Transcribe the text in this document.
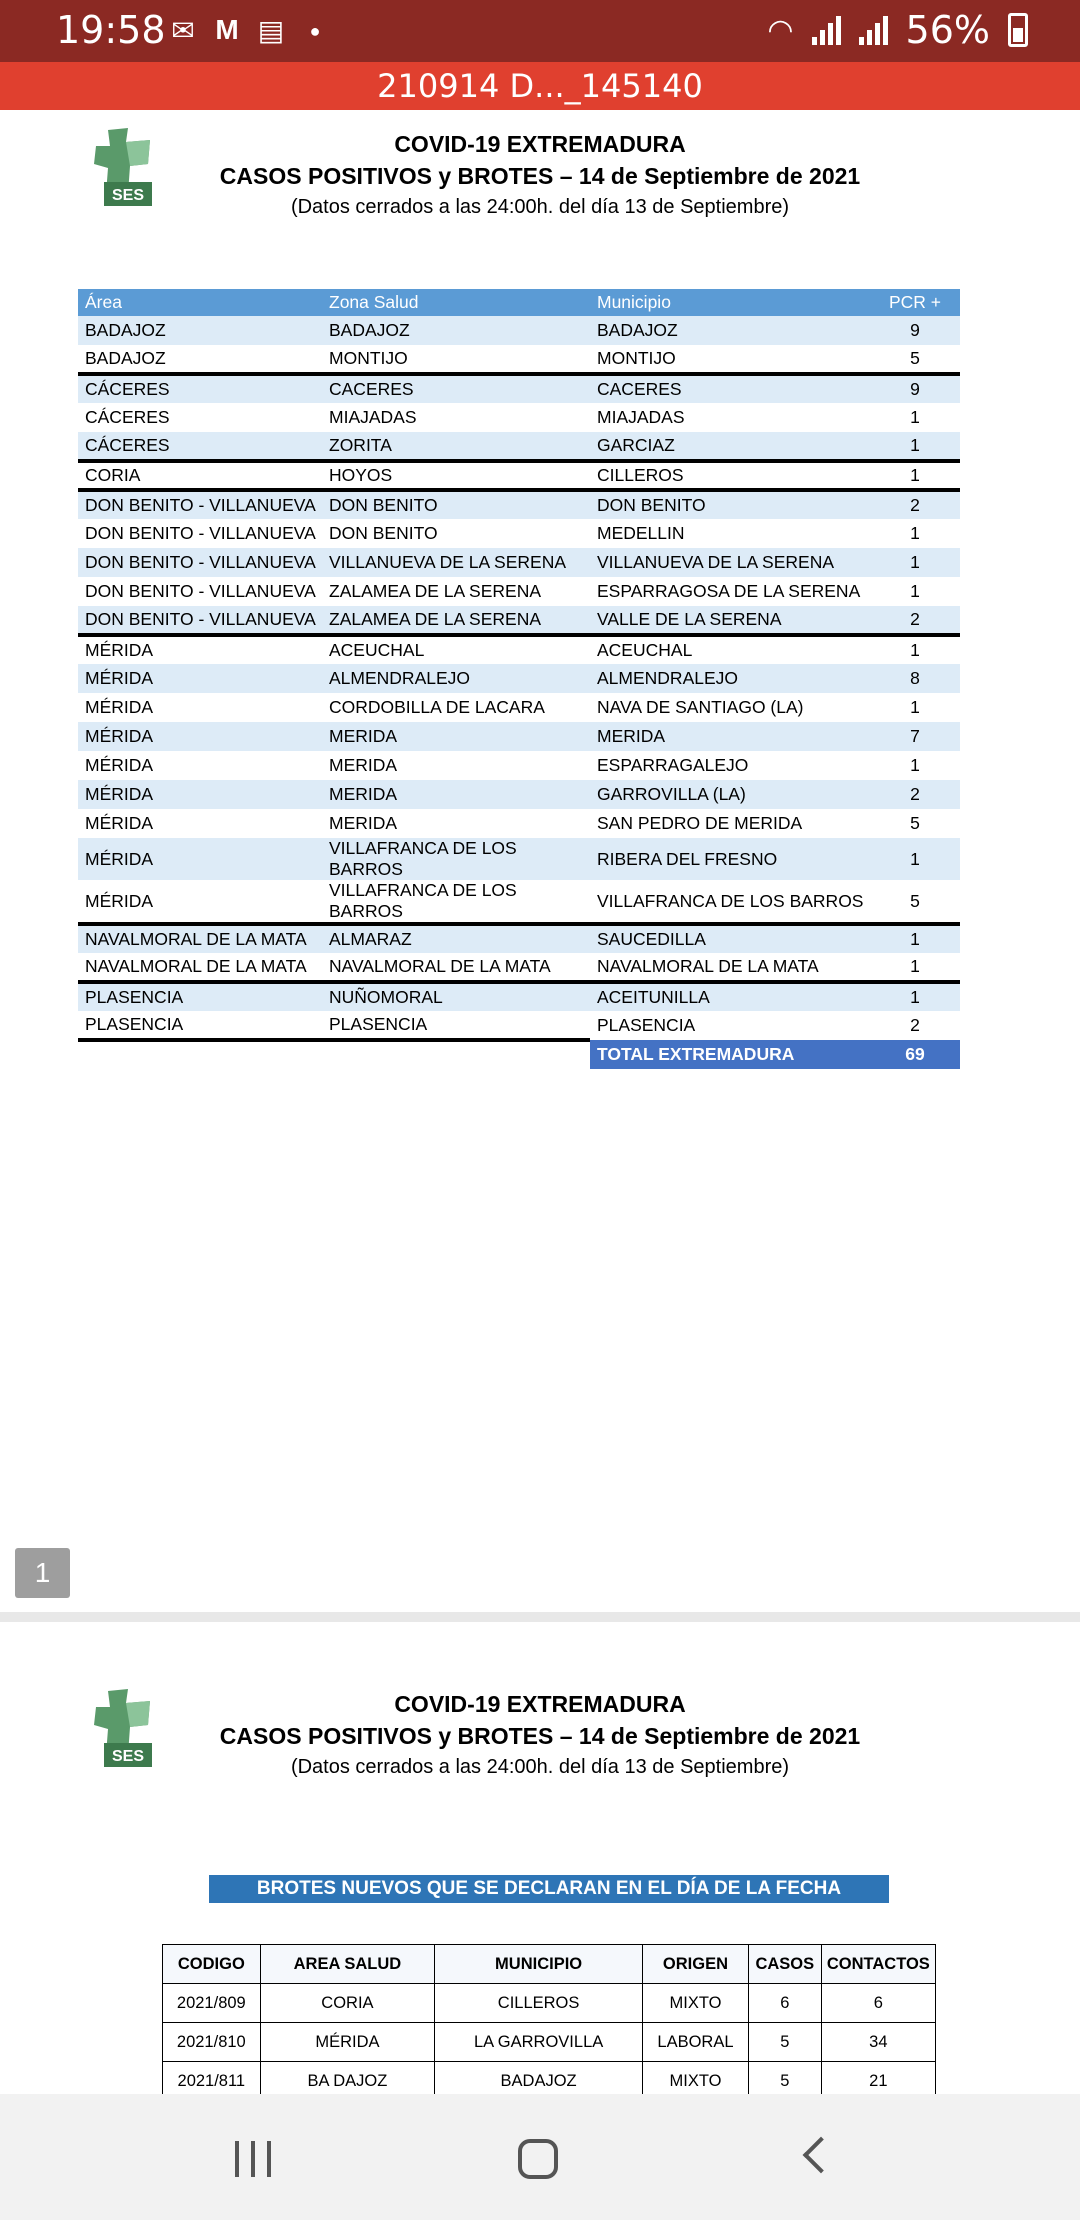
19:58 ✉ M ▤	●	◠	56%
210914 D..._145140
SES
COVID-19 EXTREMADURA
CASOS POSITIVOS y BROTES – 14 de Septiembre de 2021
(Datos cerrados a las 24:00h. del día 13 de Septiembre)
Área	Zona Salud	Municipio	PCR +
BADAJOZ	BADAJOZ	BADAJOZ	9
BADAJOZ	MONTIJO	MONTIJO	5
CÁCERES	CACERES	CACERES	9
CÁCERES	MIAJADAS	MIAJADAS	1
CÁCERES	ZORITA	GARCIAZ	1
CORIA	HOYOS	CILLEROS	1
DON BENITO - VILLANUEVA	DON BENITO	DON BENITO	2
DON BENITO - VILLANUEVA	DON BENITO	MEDELLIN	1
DON BENITO - VILLANUEVA	VILLANUEVA DE LA SERENA	VILLANUEVA DE LA SERENA	1
DON BENITO - VILLANUEVA	ZALAMEA DE LA SERENA	ESPARRAGOSA DE LA SERENA	1
DON BENITO - VILLANUEVA	ZALAMEA DE LA SERENA	VALLE DE LA SERENA	2
MÉRIDA	ACEUCHAL	ACEUCHAL	1
MÉRIDA	ALMENDRALEJO	ALMENDRALEJO	8
MÉRIDA	CORDOBILLA DE LACARA	NAVA DE SANTIAGO (LA)	1
MÉRIDA	MERIDA	MERIDA	7
MÉRIDA	MERIDA	ESPARRAGALEJO	1
MÉRIDA	MERIDA	GARROVILLA (LA)	2
MÉRIDA	MERIDA	SAN PEDRO DE MERIDA	5
MÉRIDA	VILLAFRANCA DE LOS BARROS	RIBERA DEL FRESNO	1
MÉRIDA	VILLAFRANCA DE LOS BARROS	VILLAFRANCA DE LOS BARROS	5
NAVALMORAL DE LA MATA	ALMARAZ	SAUCEDILLA	1
NAVALMORAL DE LA MATA	NAVALMORAL DE LA MATA	NAVALMORAL DE LA MATA	1
PLASENCIA	NUÑOMORAL	ACEITUNILLA	1
PLASENCIA	PLASENCIA	PLASENCIA	2
		TOTAL EXTREMADURA	69
1
SES
COVID-19 EXTREMADURA
CASOS POSITIVOS y BROTES – 14 de Septiembre de 2021
(Datos cerrados a las 24:00h. del día 13 de Septiembre)
BROTES NUEVOS QUE SE DECLARAN EN EL DÍA DE LA FECHA
CODIGO	AREA SALUD	MUNICIPIO	ORIGEN	CASOS	CONTACTOS
2021/809	CORIA	CILLEROS	MIXTO	6	6
2021/810	MÉRIDA	LA GARROVILLA	LABORAL	5	34
2021/811	BA DAJOZ	BADAJOZ	MIXTO	5	21
